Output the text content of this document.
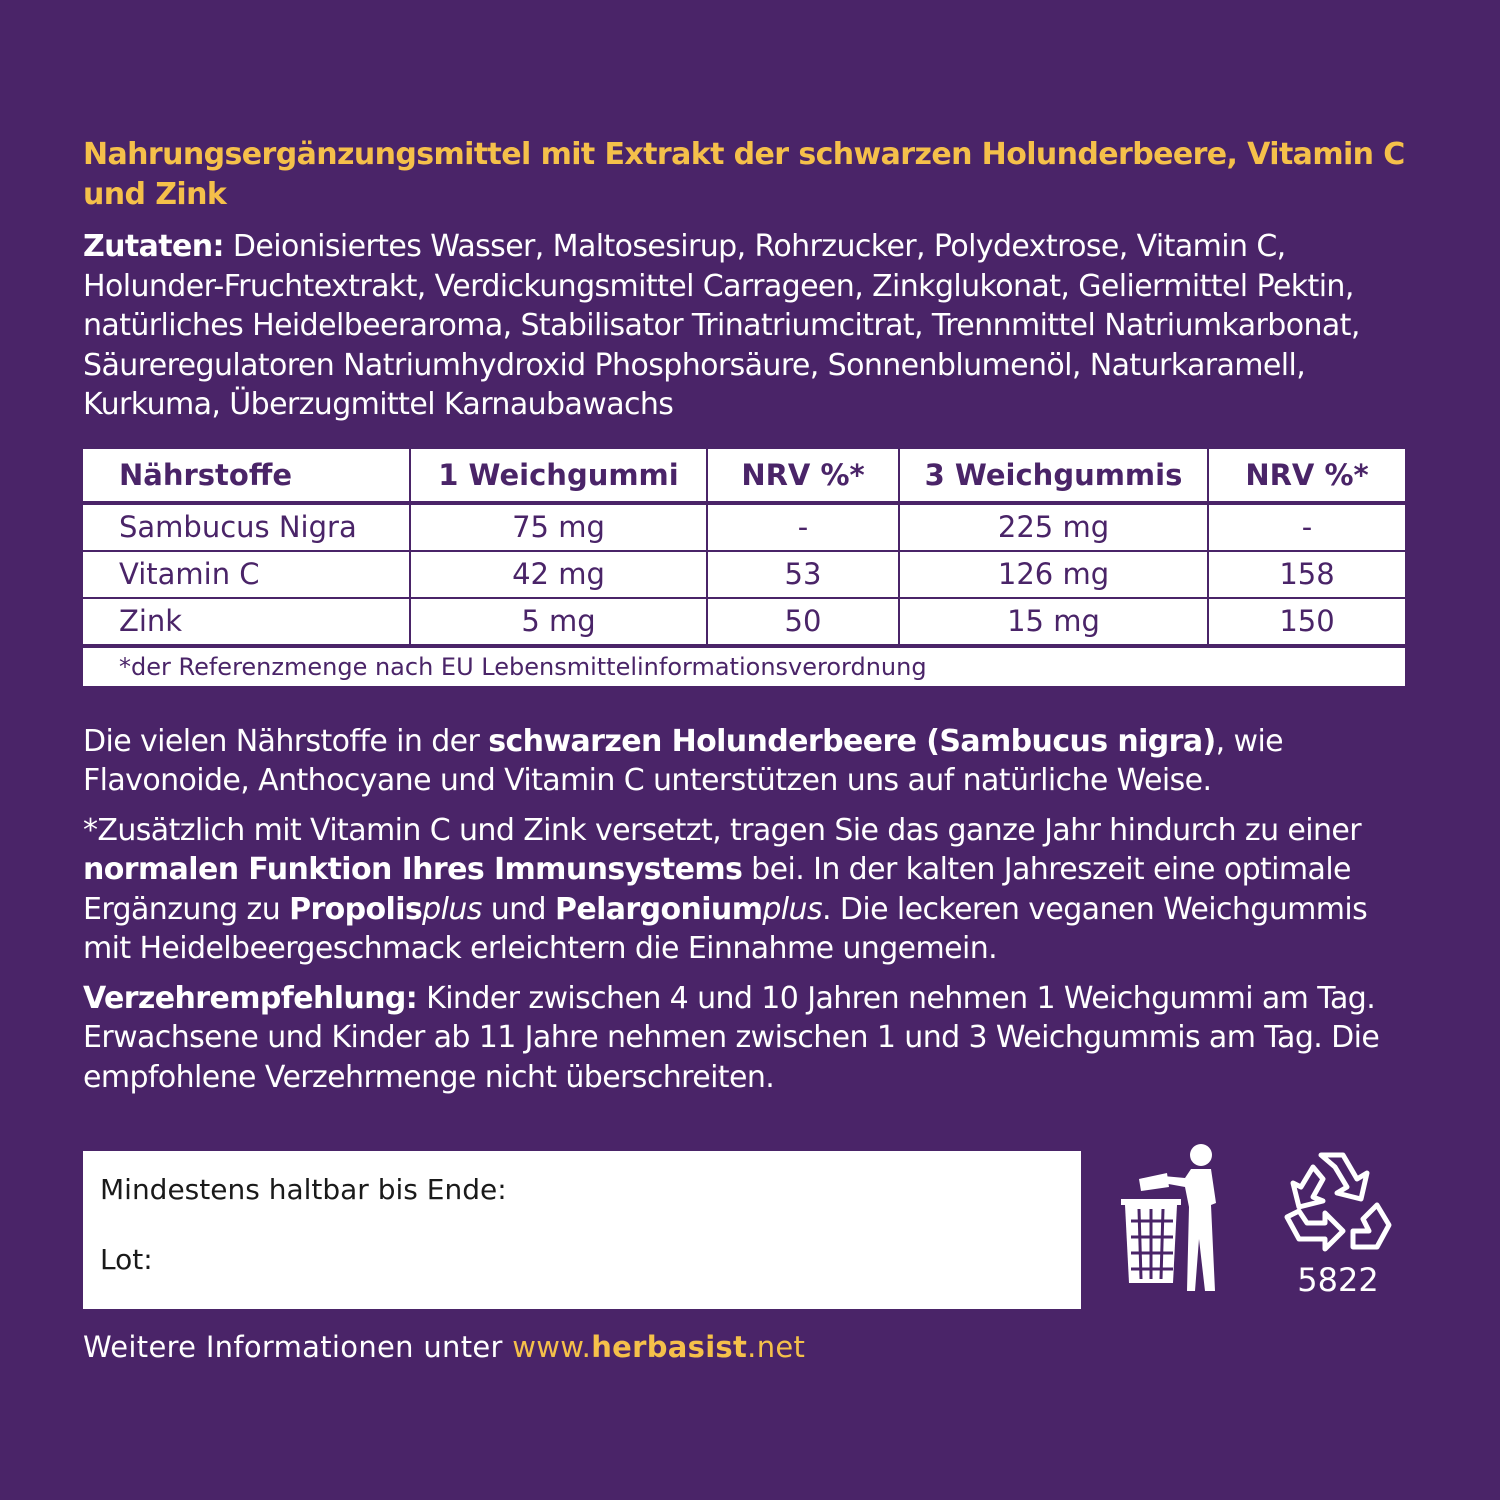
Nahrungsergänzungsmittel mit Extrakt der schwarzen Holunderbeere, Vitamin C und Zink

Zutaten: Deionisiertes Wasser, Maltosesirup, Rohrzucker, Polydextrose, Vitamin C, Holunder-Fruchtextrakt, Verdickungsmittel Carrageen, Zinkglukonat, Geliermittel Pektin, natürliches Heidelbeeraroma, Stabilisator Trinatriumcitrat, Trennmittel Natriumkarbonat, Säureregulatoren Natriumhydroxid Phosphorsäure, Sonnenblumenöl, Naturkaramell, Kurkuma, Überzugmittel Karnaubawachs

Nährstoffe	1 Weichgummi	NRV %*	3 Weichgummis	NRV %*
Sambucus Nigra	75 mg	-	225 mg	-
Vitamin C	42 mg	53	126 mg	158
Zink	5 mg	50	15 mg	150
*der Referenzmenge nach EU Lebensmittelinformationsverordnung				

Die vielen Nährstoffe in der schwarzen Holunderbeere (Sambucus nigra), wie Flavonoide, Anthocyane und Vitamin C unterstützen uns auf natürliche Weise.

*Zusätzlich mit Vitamin C und Zink versetzt, tragen Sie das ganze Jahr hindurch zu einer normalen Funktion Ihres Immunsystems bei. In der kalten Jahreszeit eine optimale Ergänzung zu Propolisplus und Pelargoniumplus. Die leckeren veganen Weichgummis mit Heidelbeergeschmack erleichtern die Einnahme ungemein.

Verzehrempfehlung: Kinder zwischen 4 und 10 Jahren nehmen 1 Weichgummi am Tag. Erwachsene und Kinder ab 11 Jahre nehmen zwischen 1 und 3 Weichgummis am Tag. Die empfohlene Verzehrmenge nicht überschreiten.

Mindestens haltbar bis Ende:
Lot:
5822
Weitere Informationen unter www.herbasist.net
